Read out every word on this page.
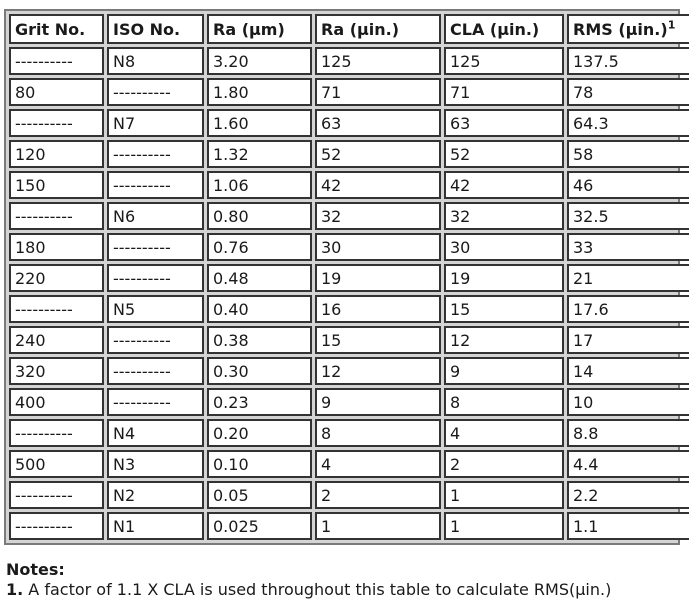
Grit No.	ISO No.	Ra (µm)	Ra (µin.)	CLA (µin.)	RMS $(\mu in.)^1$
----------	N8	3.20	125	125	137.5
80	----------	1.80	71	71	78
----------	N7	1.60	63	63	64.3
120	----------	1.32	52	52	58
150	----------	1.06	42	42	46
----------	N6	0.80	32	32	32.5
180	----------	0.76	30	30	33
220	----------	0.48	19	19	21
----------	N5	0.40	16	15	17.6
240	----------	0.38	15	12	17
320	----------	0.30	12	9	14
400	----------	0.23	9	8	10
----------	N4	0.20	8	4	8.8
500	N3	0.10	4	2	4.4
----------	N2	0.05	2	1	2.2
----------	N1	0.025	1	1	1.1
Notes:
1. A factor of 1.1 X CLA is used throughout this table to calculate RMS(µin.)
